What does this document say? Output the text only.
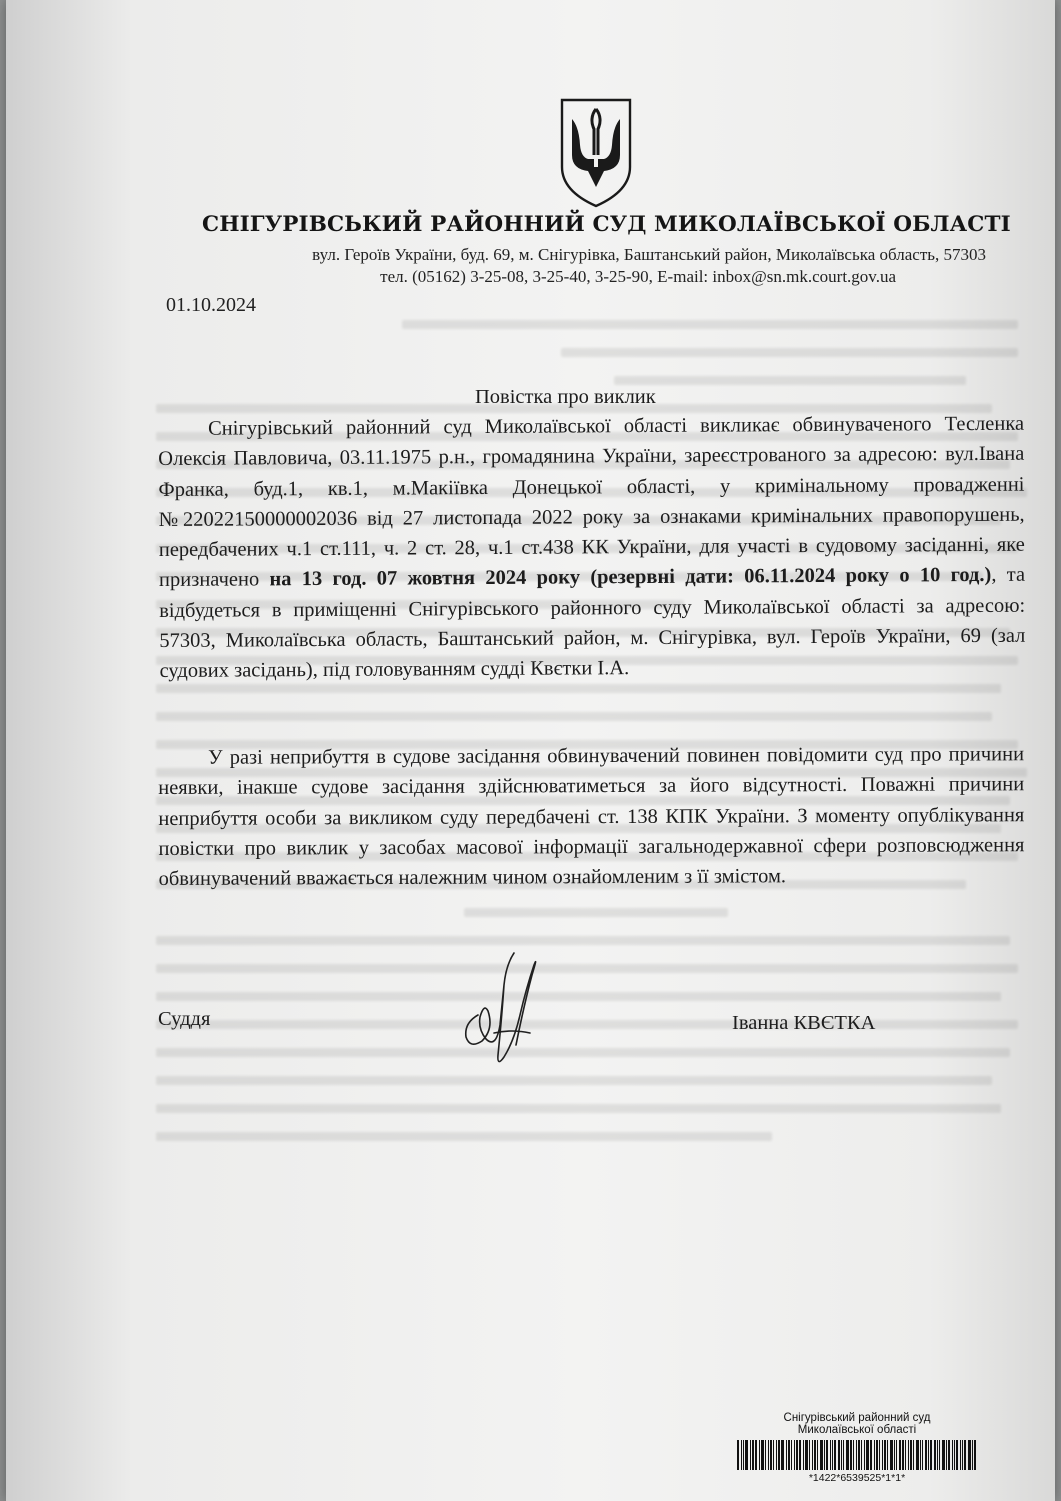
СНІГУРІВСЬКИЙ РАЙОННИЙ СУД МИКОЛАЇВСЬКОЇ ОБЛАСТІ
вул. Героїв України, буд. 69, м. Снігурівка, Баштанський район, Миколаївська область, 57303
тел. (05162) 3-25-08, 3-25-40, 3-25-90, E-mail: inbox@sn.mk.court.gov.ua
01.10.2024
Повістка про виклик
Снігурівський районний суд Миколаївської області викликає обвинуваченого Тесленка Олексія Павловича, 03.11.1975 р.н., громадянина України, зареєстрованого за адресою: вул.Івана Франка, буд.1, кв.1, м.Макіївка Донецької області, у кримінальному провадженні №22022150000002036 від 27 листопада 2022 року за ознаками кримінальних правопорушень, передбачених ч.1 ст.111, ч. 2 ст. 28, ч.1 ст.438 КК України, для участі в судовому засіданні, яке призначено на 13 год. 07 жовтня 2024 року (резервні дати: 06.11.2024 року о 10 год.), та відбудеться в приміщенні Снігурівського районного суду Миколаївської області за адресою: 57303, Миколаївська область, Баштанський район, м. Снігурівка, вул. Героїв України, 69 (зал судових засідань), під головуванням судді Квєтки І.А.
У разі неприбуття в судове засідання обвинувачений повинен повідомити суд про причини неявки, інакше судове засідання здійснюватиметься за його відсутності. Поважні причини неприбуття особи за викликом суду передбачені ст. 138 КПК України. З моменту опублікування повістки про виклик у засобах масової інформації загальнодержавної сфери розповсюдження обвинувачений вважається належним чином ознайомленим з її змістом.
Суддя	Іванна КВЄТКА
Снігурівський районний суд
Миколаївської області
*1422*6539525*1*1*
